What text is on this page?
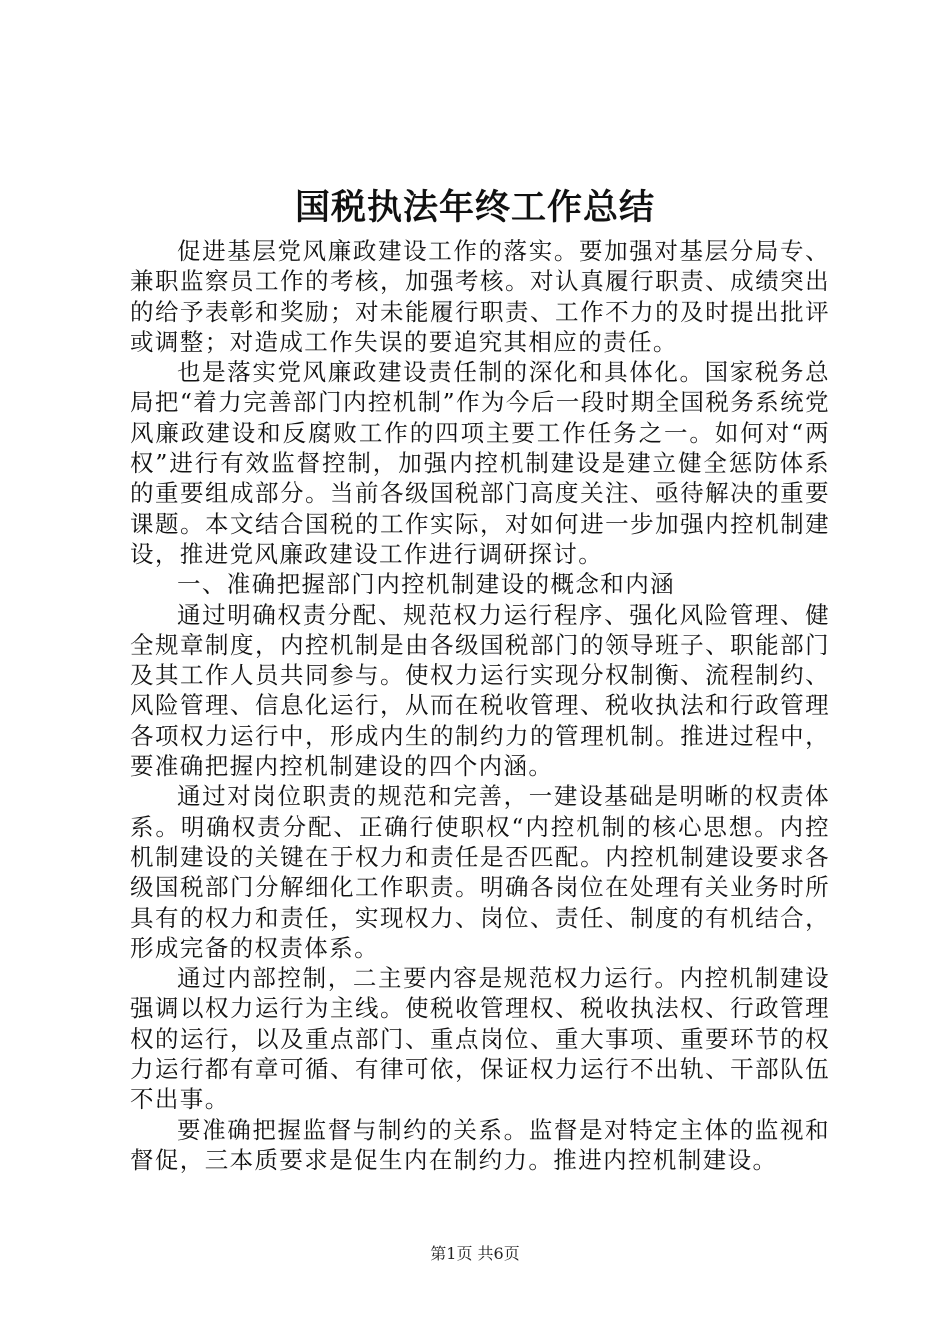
国税执法年终工作总结

促进基层党风廉政建设工作的落实。要加强对基层分局专、兼职监察员工作的考核，加强考核。对认真履行职责、成绩突出的给予表彰和奖励；对未能履行职责、工作不力的及时提出批评或调整；对造成工作失误的要追究其相应的责任。

也是落实党风廉政建设责任制的深化和具体化。国家税务总局把“着力完善部门内控机制”作为今后一段时期全国税务系统党风廉政建设和反腐败工作的四项主要工作任务之一。如何对“两权”进行有效监督控制，加强内控机制建设是建立健全惩防体系的重要组成部分。当前各级国税部门高度关注、亟待解决的重要课题。本文结合国税的工作实际，对如何进一步加强内控机制建设，推进党风廉政建设工作进行调研探讨。

一、准确把握部门内控机制建设的概念和内涵

通过明确权责分配、规范权力运行程序、强化风险管理、健全规章制度，内控机制是由各级国税部门的领导班子、职能部门及其工作人员共同参与。使权力运行实现分权制衡、流程制约、风险管理、信息化运行，从而在税收管理、税收执法和行政管理各项权力运行中，形成内生的制约力的管理机制。推进过程中，要准确把握内控机制建设的四个内涵。

通过对岗位职责的规范和完善，一建设基础是明晰的权责体系。明确权责分配、正确行使职权“内控机制的核心思想。内控机制建设的关键在于权力和责任是否匹配。内控机制建设要求各级国税部门分解细化工作职责。明确各岗位在处理有关业务时所具有的权力和责任，实现权力、岗位、责任、制度的有机结合，形成完备的权责体系。

通过内部控制，二主要内容是规范权力运行。内控机制建设强调以权力运行为主线。使税收管理权、税收执法权、行政管理权的运行，以及重点部门、重点岗位、重大事项、重要环节的权力运行都有章可循、有律可依，保证权力运行不出轨、干部队伍不出事。

要准确把握监督与制约的关系。监督是对特定主体的监视和督促，三本质要求是促生内在制约力。推进内控机制建设。

第1页 共6页
